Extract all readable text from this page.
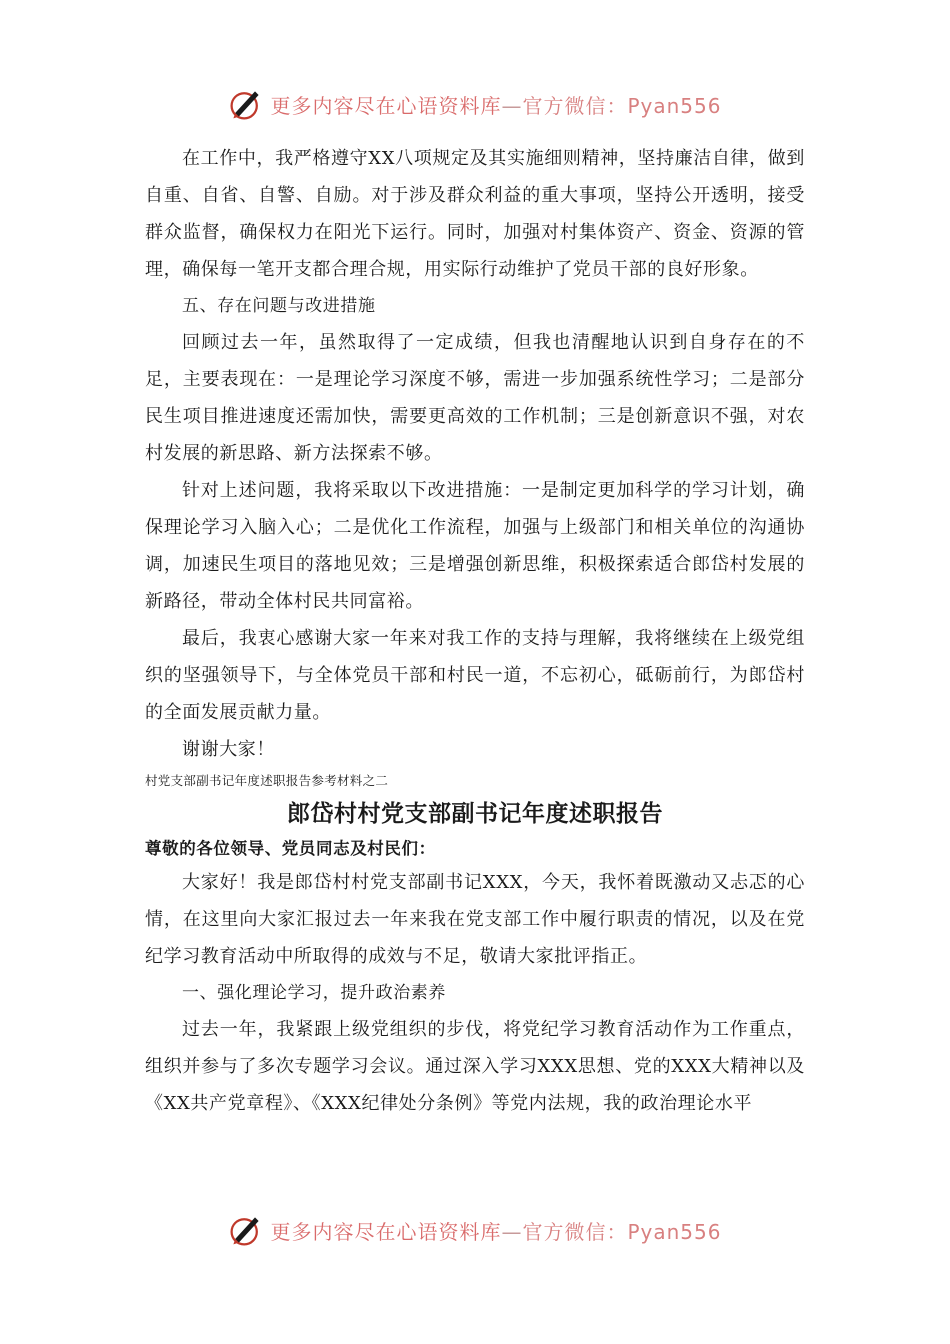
更多内容尽在心语资料库—官方微信：Pyan556

在工作中，我严格遵守XX八项规定及其实施细则精神，坚持廉洁自律，做到自重、自省、自警、自励。对于涉及群众利益的重大事项，坚持公开透明，接受群众监督，确保权力在阳光下运行。同时，加强对村集体资产、资金、资源的管理，确保每一笔开支都合理合规，用实际行动维护了党员干部的良好形象。

五、存在问题与改进措施

回顾过去一年，虽然取得了一定成绩，但我也清醒地认识到自身存在的不足，主要表现在：一是理论学习深度不够，需进一步加强系统性学习；二是部分民生项目推进速度还需加快，需要更高效的工作机制；三是创新意识不强，对农村发展的新思路、新方法探索不够。

针对上述问题，我将采取以下改进措施：一是制定更加科学的学习计划，确保理论学习入脑入心；二是优化工作流程，加强与上级部门和相关单位的沟通协调，加速民生项目的落地见效；三是增强创新思维，积极探索适合郎岱村发展的新路径，带动全体村民共同富裕。

最后，我衷心感谢大家一年来对我工作的支持与理解，我将继续在上级党组织的坚强领导下，与全体党员干部和村民一道，不忘初心，砥砺前行，为郎岱村的全面发展贡献力量。

谢谢大家！

村党支部副书记年度述职报告参考材料之二

郎岱村村党支部副书记年度述职报告

尊敬的各位领导、党员同志及村民们：

大家好！我是郎岱村村党支部副书记XXX，今天，我怀着既激动又忐忑的心情，在这里向大家汇报过去一年来我在党支部工作中履行职责的情况，以及在党纪学习教育活动中所取得的成效与不足，敬请大家批评指正。

一、强化理论学习，提升政治素养

过去一年，我紧跟上级党组织的步伐，将党纪学习教育活动作为工作重点，组织并参与了多次专题学习会议。通过深入学习XXX思想、党的XXX大精神以及《XX共产党章程》、《XXX纪律处分条例》等党内法规，我的政治理论水平

更多内容尽在心语资料库—官方微信：Pyan556
